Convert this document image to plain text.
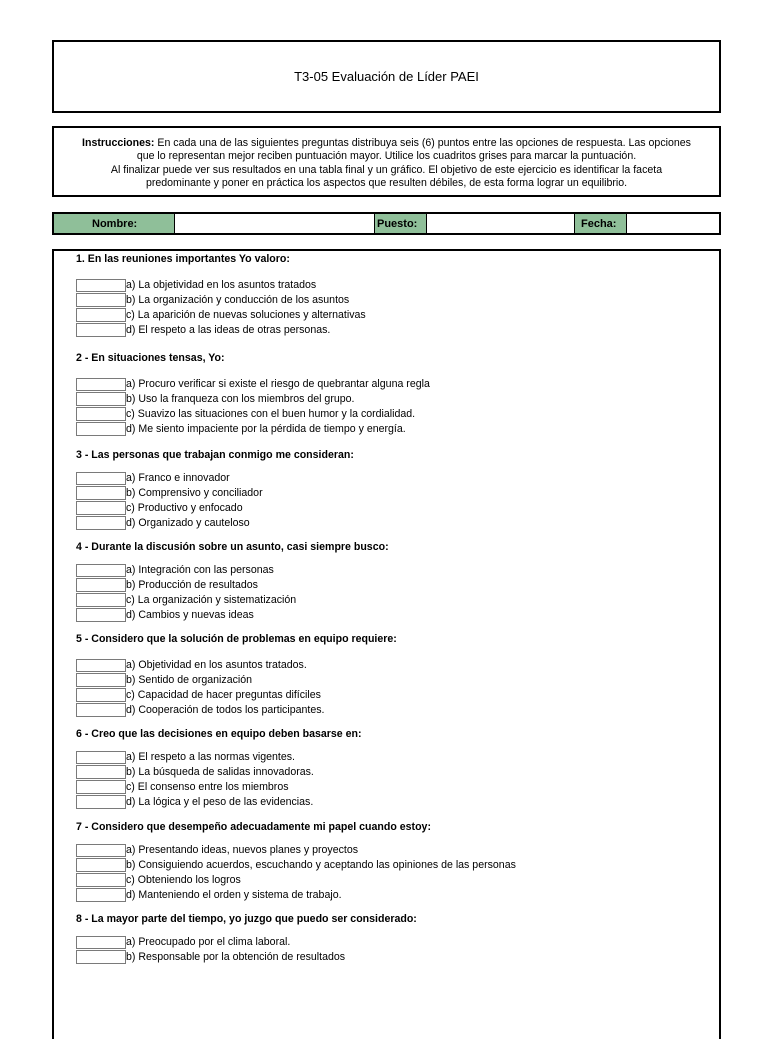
T3-05 Evaluación de Líder PAEI
Instrucciones: En cada una de las siguientes preguntas distribuya seis (6) puntos entre las opciones de respuesta. Las opciones
que lo representan mejor reciben puntuación mayor. Utilice los cuadritos grises para marcar la puntuación.
Al finalizar puede ver sus resultados en una tabla final y un gráfico. El objetivo de este ejercicio es identificar la faceta
predominante y poner en práctica los aspectos que resulten débiles, de esta forma lograr un equilibrio.
Nombre:	Puesto:	Fecha:
1. En las reuniones importantes Yo valoro:
a) La objetividad en los asuntos tratados
b) La organización y conducción de los asuntos
c) La aparición de nuevas soluciones y alternativas
d) El respeto a las ideas de otras personas.
2 - En situaciones tensas, Yo:
a) Procuro verificar si existe el riesgo de quebrantar alguna regla
b) Uso la franqueza con los miembros del grupo.
c) Suavizo las situaciones con el buen humor y la cordialidad.
d) Me siento impaciente por la pérdida de tiempo y energía.
3 - Las personas que trabajan conmigo me consideran:
a) Franco e innovador
b) Comprensivo y conciliador
c) Productivo y enfocado
d) Organizado y cauteloso
4 - Durante la discusión sobre un asunto, casi siempre busco:
a) Integración con las personas
b) Producción de resultados
c) La organización y sistematización
d) Cambios y nuevas ideas
5 - Considero que la solución de problemas en equipo requiere:
a) Objetividad en los asuntos tratados.
b) Sentido de organización
c) Capacidad de hacer preguntas difíciles
d) Cooperación de todos los participantes.
6 - Creo que las decisiones en equipo deben basarse en:
a) El respeto a las normas vigentes.
b) La búsqueda de salidas innovadoras.
c) El consenso entre los miembros
d) La lógica y el peso de las evidencias.
7 - Considero que desempeño adecuadamente mi papel cuando estoy:
a) Presentando ideas, nuevos planes y proyectos
b) Consiguiendo acuerdos, escuchando y aceptando las opiniones de las personas
c) Obteniendo los logros
d) Manteniendo el orden y sistema de trabajo.
8 - La mayor parte del tiempo, yo juzgo que puedo ser considerado:
a) Preocupado por el clima laboral.
b) Responsable por la obtención de resultados
